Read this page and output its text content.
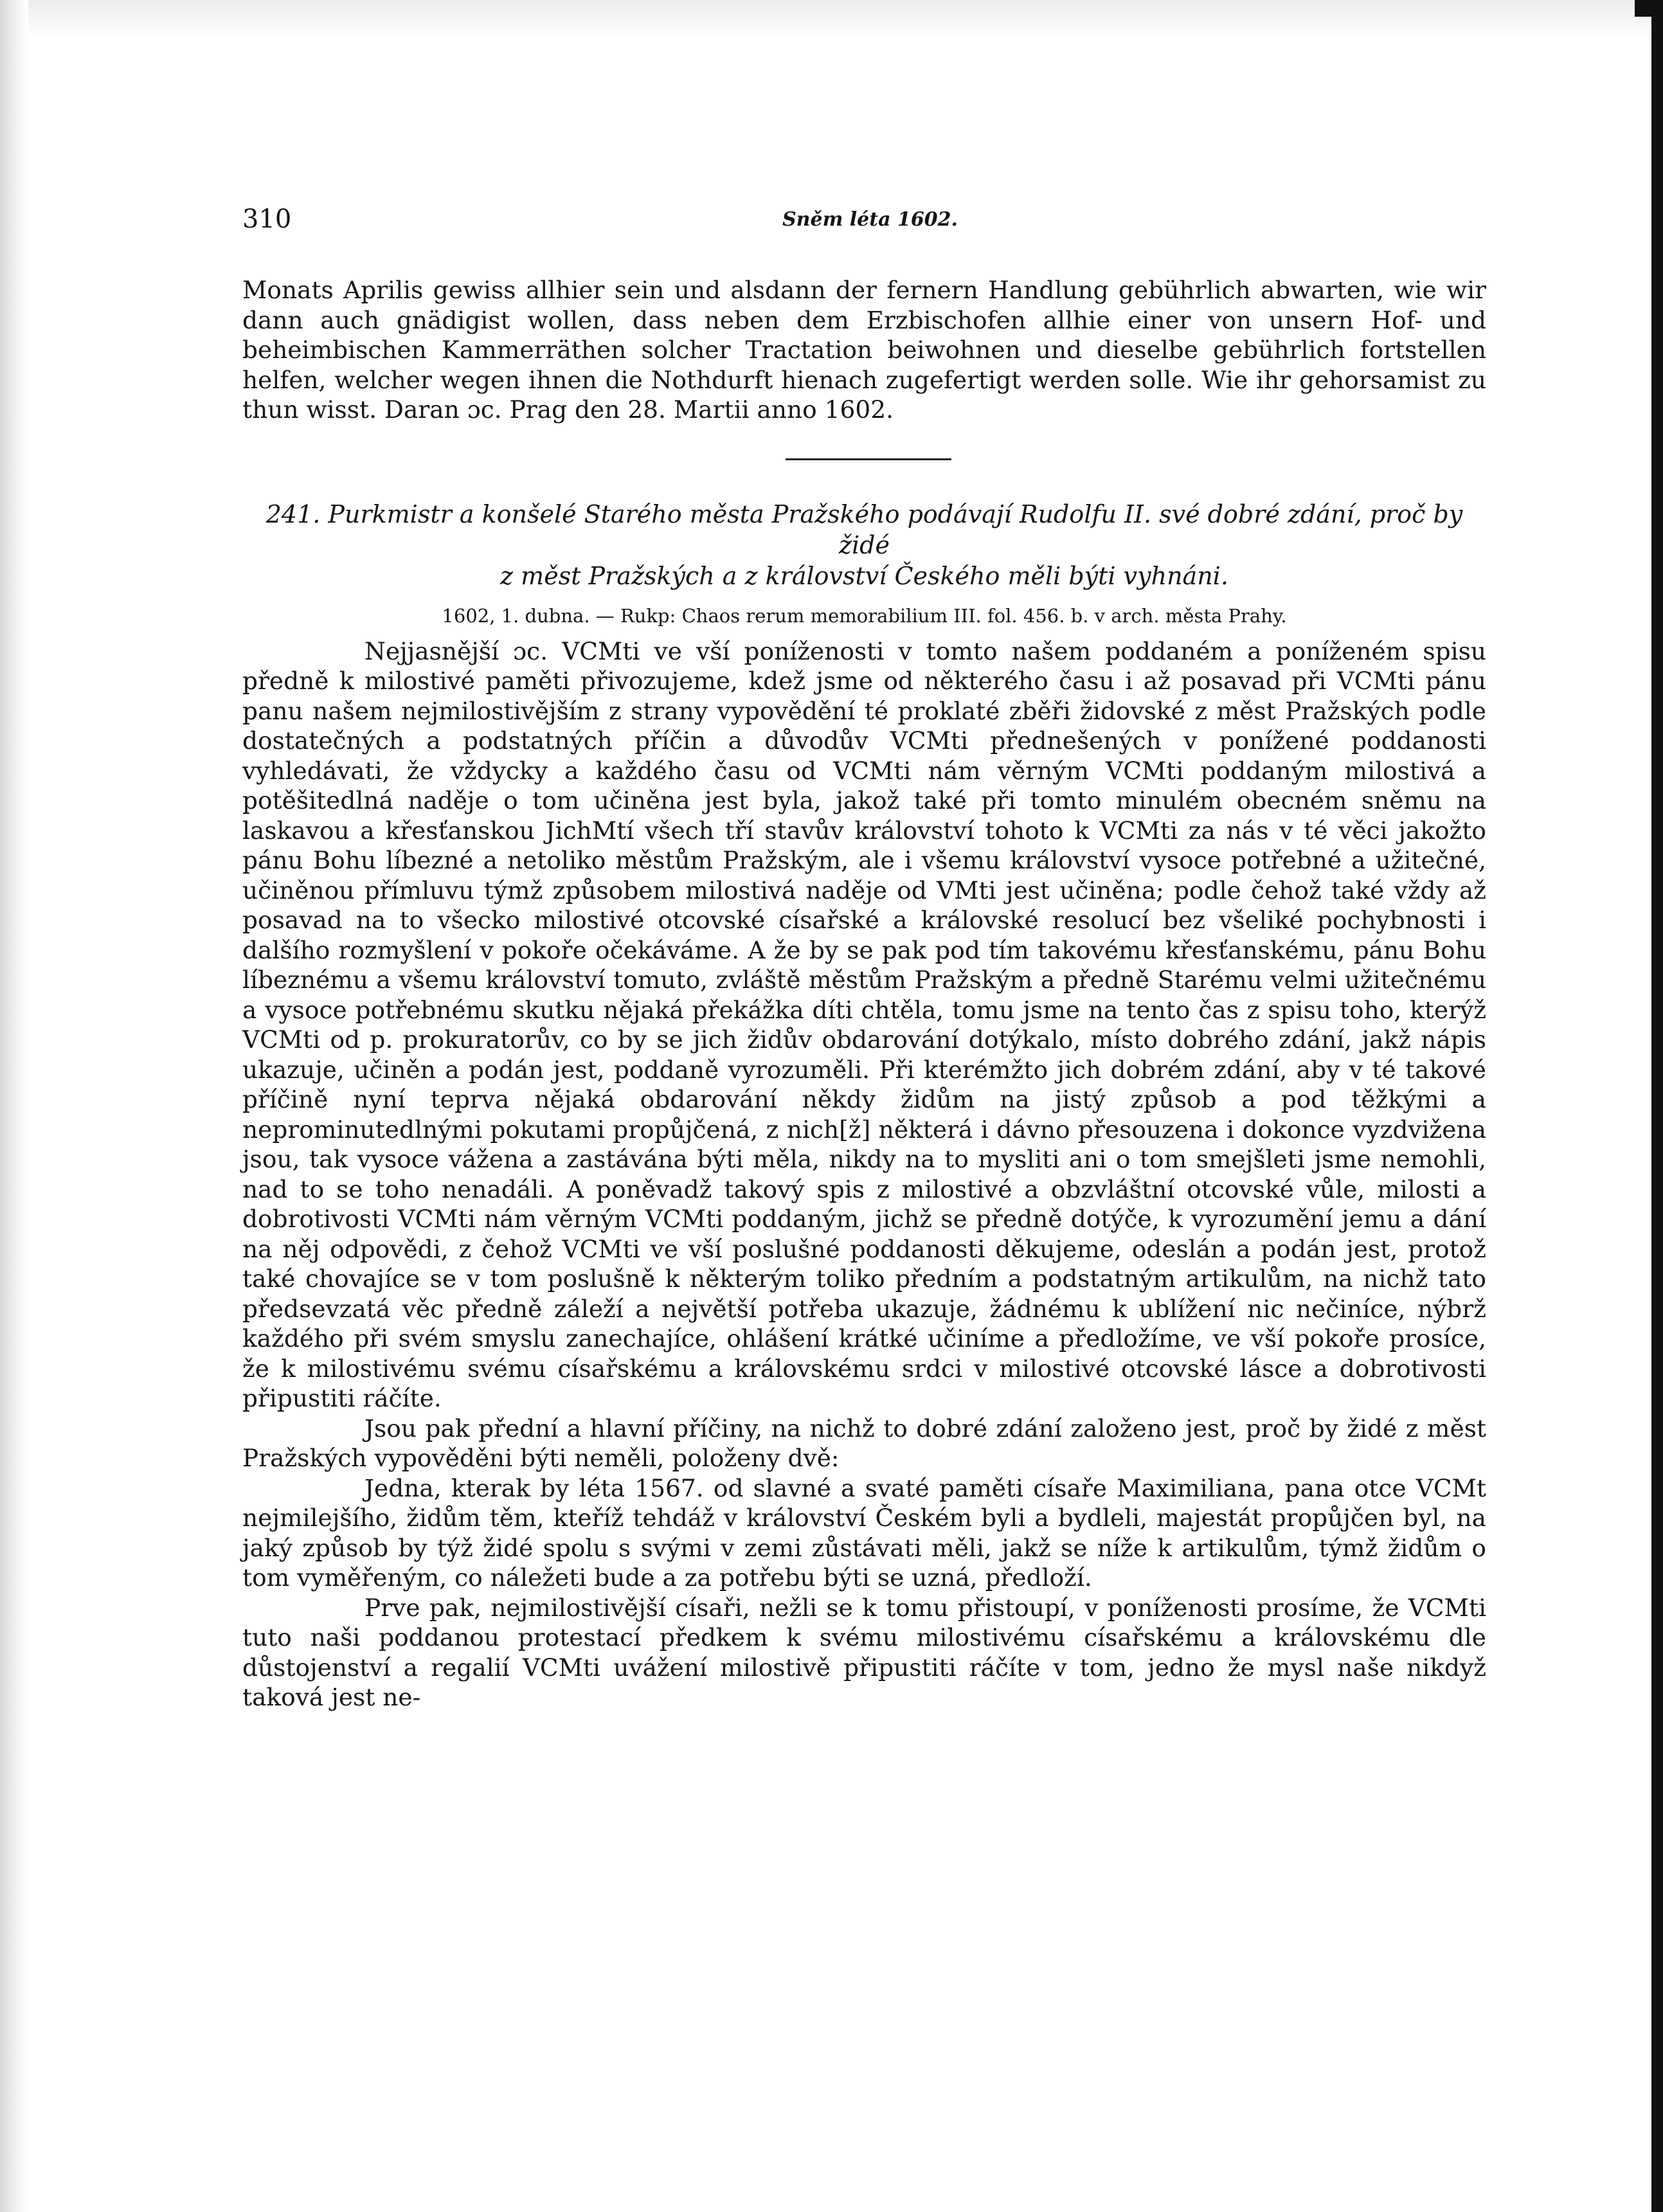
310	Sněm léta 1602.

Monats Aprilis gewiss allhier sein und alsdann der fernern Handlung gebührlich abwarten, wie wir dann auch gnädigist wollen, dass neben dem Erzbischofen allhie einer von unsern Hof- und beheimbischen Kammerräthen solcher Tractation beiwohnen und dieselbe gebührlich fortstellen helfen, welcher wegen ihnen die Nothdurft hienach zugefertigt werden solle. Wie ihr gehorsamist zu thun wisst. Daran ɔc. Prag den 28. Martii anno 1602.

241. Purkmistr a konšelé Starého města Pražského podávají Rudolfu II. své dobré zdání, proč by židé

z měst Pražských a z království Českého měli býti vyhnáni.

1602, 1. dubna. — Rukp: Chaos rerum memorabilium III. fol. 456. b. v arch. města Prahy.

Nejjasnější ɔc. VCMti ve vší poníženosti v tomto našem poddaném a poníženém spisu předně k milostivé paměti přivozujeme, kdež jsme od některého času i až posavad při VCMti pánu panu našem nejmilostivějším z strany vypovědění té proklaté zběři židovské z měst Pražských podle dostatečných a podstatných příčin a důvodův VCMti přednešených v ponížené poddanosti vyhledávati, že vždycky a každého času od VCMti nám věrným VCMti poddaným milostivá a potěšitedlná naděje o tom učiněna jest byla, jakož také při tomto minulém obecném sněmu na laskavou a křesťanskou JichMtí všech tří stavův království tohoto k VCMti za nás v té věci jakožto pánu Bohu líbezné a netoliko městům Pražským, ale i všemu království vysoce potřebné a užitečné, učiněnou přímluvu týmž způsobem milostivá naděje od VMti jest učiněna; podle čehož také vždy až posavad na to všecko milostivé otcovské císařské a královské resolucí bez všeliké pochybnosti i dalšího rozmyšlení v pokoře očekáváme. A že by se pak pod tím takovému křesťanskému, pánu Bohu líbeznému a všemu království tomuto, zvláště městům Pražským a předně Starému velmi užitečnému a vysoce potřebnému skutku nějaká překážka díti chtěla, tomu jsme na tento čas z spisu toho, kterýž VCMti od p. prokuratorův, co by se jich židův obdarování dotýkalo, místo dobrého zdání, jakž nápis ukazuje, učiněn a podán jest, poddaně vyrozuměli. Při kterémžto jich dobrém zdání, aby v té takové příčině nyní teprva nějaká obdarování někdy židům na jistý způsob a pod těžkými a neprominutedlnými pokutami propůjčená, z nich[ž] některá i dávno přesouzena i dokonce vyzdvižena jsou, tak vysoce vážena a zastávána býti měla, nikdy na to mysliti ani o tom smejšleti jsme nemohli, nad to se toho nenadáli. A poněvadž takový spis z milostivé a obzvláštní otcovské vůle, milosti a dobrotivosti VCMti nám věrným VCMti poddaným, jichž se předně dotýče, k vyrozumění jemu a dání na něj odpovědi, z čehož VCMti ve vší poslušné poddanosti děkujeme, odeslán a podán jest, protož také chovajíce se v tom poslušně k některým toliko předním a podstatným artikulům, na nichž tato předsevzatá věc předně záleží a největší potřeba ukazuje, žádnému k ublížení nic nečiníce, nýbrž každého při svém smyslu zanechajíce, ohlášení krátké učiníme a předložíme, ve vší pokoře prosíce, že k milostivému svému císařskému a královskému srdci v milostivé otcovské lásce a dobrotivosti připustiti ráčíte.

Jsou pak přední a hlavní příčiny, na nichž to dobré zdání založeno jest, proč by židé z měst Pražských vypověděni býti neměli, položeny dvě:

Jedna, kterak by léta 1567. od slavné a svaté paměti císaře Maximiliana, pana otce VCMt nejmilejšího, židům těm, kteříž tehdáž v království Českém byli a bydleli, majestát propůjčen byl, na jaký způsob by týž židé spolu s svými v zemi zůstávati měli, jakž se níže k artikulům, týmž židům o tom vyměřeným, co náležeti bude a za potřebu býti se uzná, předloží.

Prve pak, nejmilostivější císaři, nežli se k tomu přistoupí, v poníženosti prosíme, že VCMti tuto naši poddanou protestací předkem k svému milostivému císařskému a královskému dle důstojenství a regalií VCMti uvážení milostivě připustiti ráčíte v tom, jedno že mysl naše nikdyž taková jest ne-
